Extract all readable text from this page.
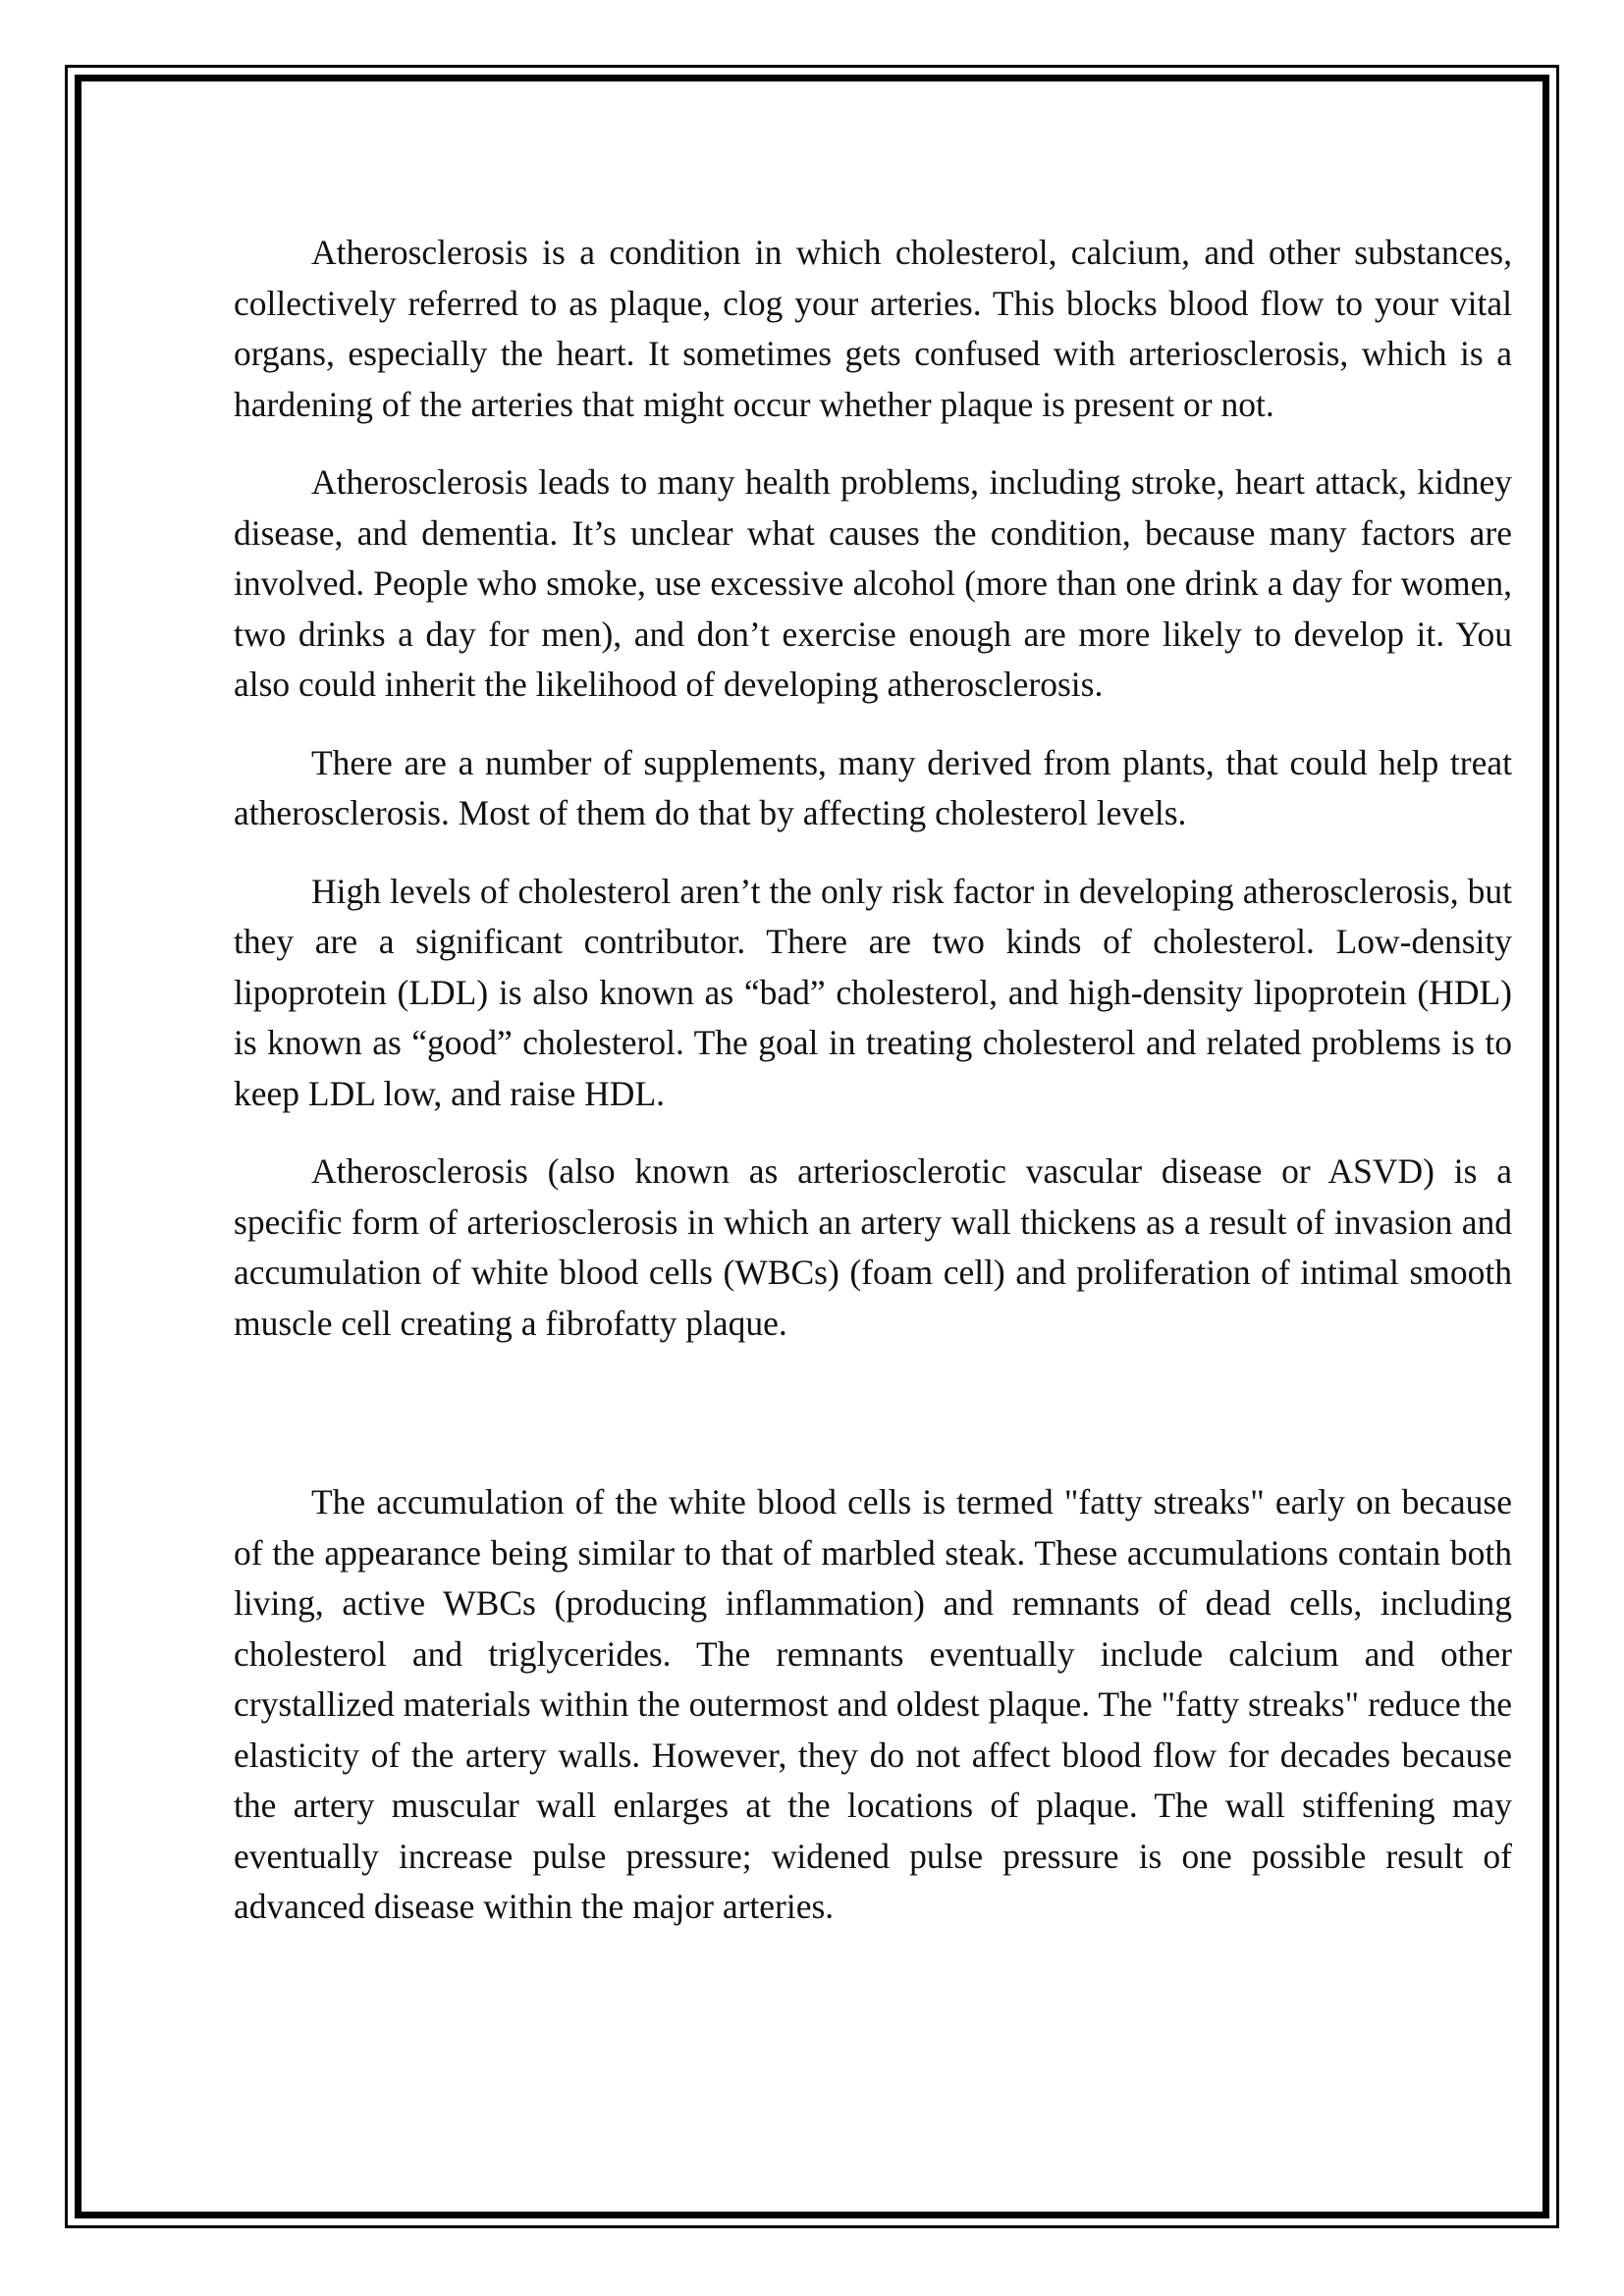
Atherosclerosis is a condition in which cholesterol, calcium, and other substances, collectively referred to as plaque, clog your arteries. This blocks blood flow to your vital organs, especially the heart. It sometimes gets confused with arteriosclerosis, which is a hardening of the arteries that might occur whether plaque is present or not.

Atherosclerosis leads to many health problems, including stroke, heart attack, kidney disease, and dementia. It’s unclear what causes the condition, because many factors are involved. People who smoke, use excessive alcohol (more than one drink a day for women, two drinks a day for men), and don’t exercise enough are more likely to develop it. You also could inherit the likelihood of developing atherosclerosis.

There are a number of supplements, many derived from plants, that could help treat atherosclerosis. Most of them do that by affecting cholesterol levels.

High levels of cholesterol aren’t the only risk factor in developing atherosclerosis, but they are a significant contributor. There are two kinds of cholesterol. Low-density lipoprotein (LDL) is also known as “bad” cholesterol, and high-density lipoprotein (HDL) is known as “good” cholesterol. The goal in treating cholesterol and related problems is to keep LDL low, and raise HDL.

Atherosclerosis (also known as arteriosclerotic vascular disease or ASVD) is a specific form of arteriosclerosis in which an artery wall thickens as a result of invasion and accumulation of white blood cells (WBCs) (foam cell) and proliferation of intimal smooth muscle cell creating a fibrofatty plaque.

The accumulation of the white blood cells is termed "fatty streaks" early on because of the appearance being similar to that of marbled steak. These accumulations contain both living, active WBCs (producing inflammation) and remnants of dead cells, including cholesterol and triglycerides. The remnants eventually include calcium and other crystallized materials within the outermost and oldest plaque. The "fatty streaks" reduce the elasticity of the artery walls. However, they do not affect blood flow for decades because the artery muscular wall enlarges at the locations of plaque. The wall stiffening may eventually increase pulse pressure; widened pulse pressure is one possible result of advanced disease within the major arteries.
